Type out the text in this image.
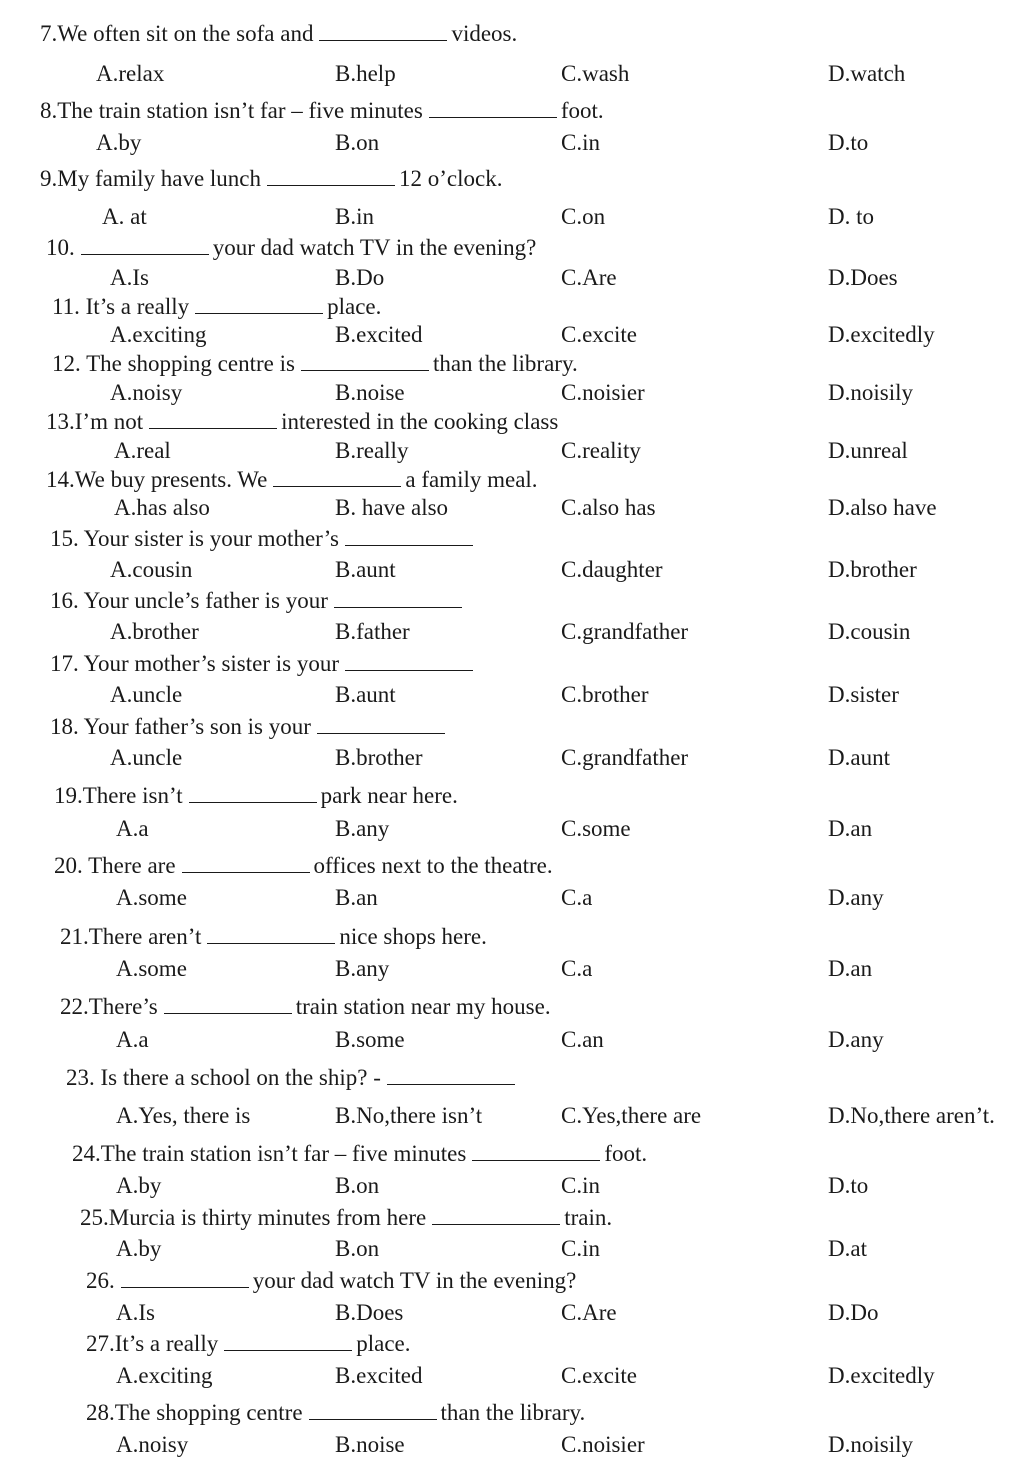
7.We often sit on the sofa and	videos.
A.relax	B.help	C.wash	D.watch
8.The train station isn’t far – five minutes	foot.
A.by	B.on	C.in	D.to
9.My family have lunch	12 o’clock.
A. at	B.in	C.on	D. to
10.	your dad watch TV in the evening?
A.Is	B.Do	C.Are	D.Does
11. It’s a really	place.
A.exciting	B.excited	C.excite	D.excitedly
12. The shopping centre is	than the library.
A.noisy	B.noise	C.noisier	D.noisily
13.I’m not	interested in the cooking class
A.real	B.really	C.reality	D.unreal
14.We buy presents. We	a family meal.
A.has also	B. have also	C.also has	D.also have
15. Your sister is your mother’s
A.cousin	B.aunt	C.daughter	D.brother
16. Your uncle’s father is your
A.brother	B.father	C.grandfather	D.cousin
17. Your mother’s sister is your
A.uncle	B.aunt	C.brother	D.sister
18. Your father’s son is your
A.uncle	B.brother	C.grandfather	D.aunt
19.There isn’t	park near here.
A.a	B.any	C.some	D.an
20. There are	offices next to the theatre.
A.some	B.an	C.a	D.any
21.There aren’t	nice shops here.
A.some	B.any	C.a	D.an
22.There’s	train station near my house.
A.a	B.some	C.an	D.any
23. Is there a school on the ship? -
A.Yes, there is	B.No,there isn’t	C.Yes,there are	D.No,there aren’t.
24.The train station isn’t far – five minutes	foot.
A.by	B.on	C.in	D.to
25.Murcia is thirty minutes from here	train.
A.by	B.on	C.in	D.at
26.	your dad watch TV in the evening?
A.Is	B.Does	C.Are	D.Do
27.It’s a really	place.
A.exciting	B.excited	C.excite	D.excitedly
28.The shopping centre	than the library.
A.noisy	B.noise	C.noisier	D.noisily
